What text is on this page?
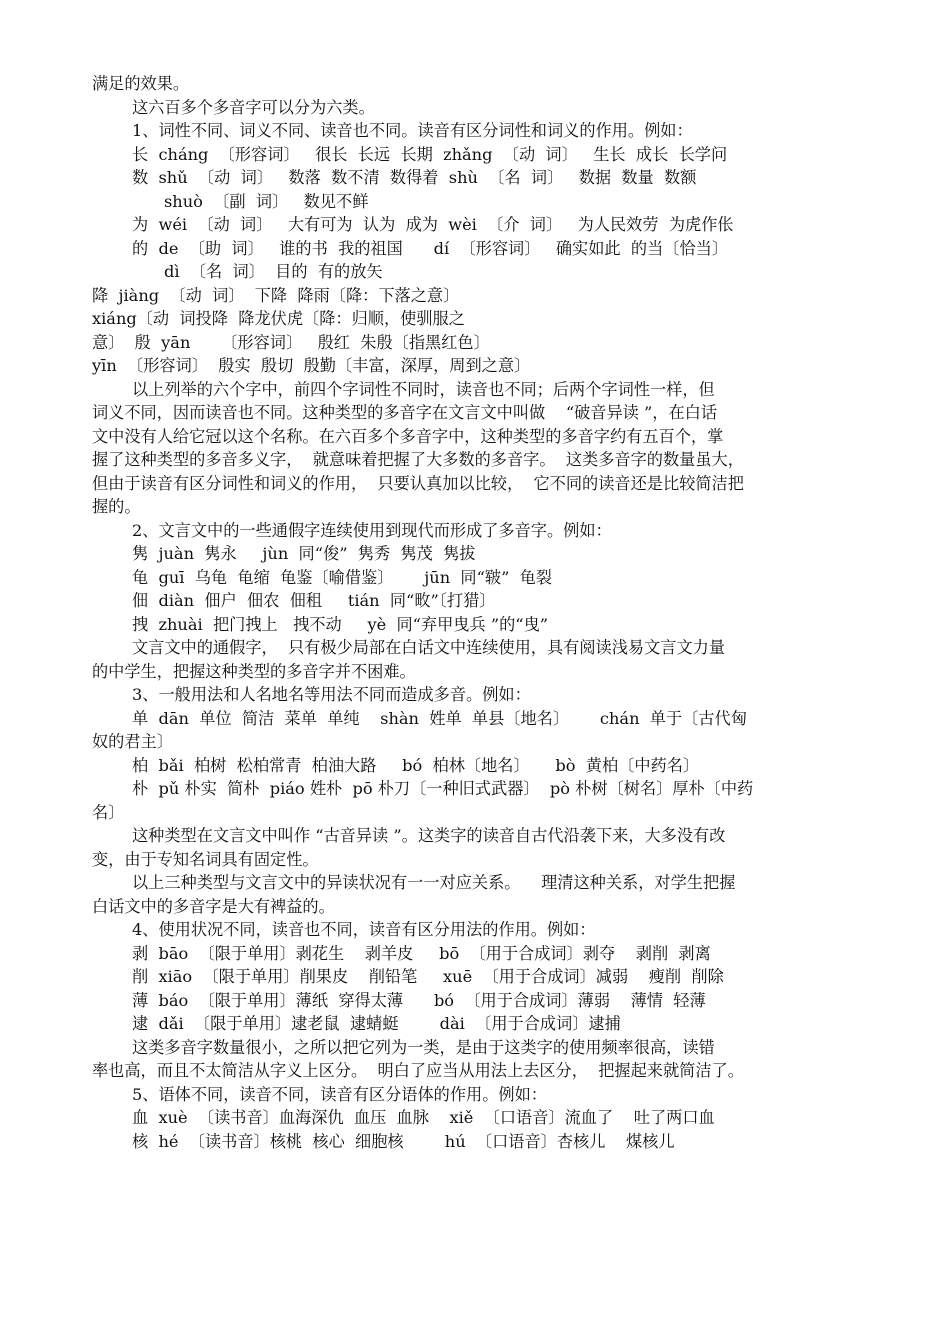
满足的效果。
这六百多个多音字可以分为六类。
1、词性不同、词义不同、读音也不同。读音有区分词性和词义的作用。例如：
长  cháng  〔形容词〕   很长  长远  长期  zhǎng  〔动  词〕   生长  成长  长学问
数  shǔ  〔动  词〕   数落  数不清  数得着  shù  〔名  词〕   数据  数量  数额
shuò  〔副  词〕   数见不鲜
为  wéi  〔动  词〕   大有可为  认为  成为  wèi  〔介  词〕   为人民效劳  为虎作伥
的  de  〔助  词〕   谁的书  我的祖国      dí  〔形容词〕   确实如此  的当〔恰当〕
dì  〔名  词〕  目的  有的放矢
降  jiàng  〔动  词〕  下降  降雨〔降：下落之意〕
xiáng〔动  词投降  降龙伏虎〔降：归顺，使驯服之
意〕  殷  yān      〔形容词〕   殷红  朱殷〔指黑红色〕
yīn  〔形容词〕  殷实  殷切  殷勤〔丰富，深厚，周到之意〕
以上列举的六个字中，前四个字词性不同时，读音也不同；后两个字词性一样，但
词义不同，因而读音也不同。这种类型的多音字在文言文中叫做    “破音异读 ”，在白话
文中没有人给它冠以这个名称。在六百多个多音字中，这种类型的多音字约有五百个，掌
握了这种类型的多音多义字，  就意味着把握了大多数的多音字。  这类多音字的数量虽大，
但由于读音有区分词性和词义的作用，  只要认真加以比较，  它不同的读音还是比较简洁把
握的。
2、文言文中的一些通假字连续使用到现代而形成了多音字。例如：
隽  juàn  隽永     jùn  同“俊”  隽秀  隽茂  隽拔
龟  guī  乌龟  龟缩  龟鉴〔喻借鉴〕      jūn  同“皲”  龟裂
佃  diàn  佃户  佃农  佃租     tián  同“畋”〔打猎〕
拽  zhuài  把门拽上   拽不动     yè  同“弃甲曳兵 ”的“曳”
文言文中的通假字，  只有极少局部在白话文中连续使用，具有阅读浅易文言文力量
的中学生，把握这种类型的多音字并不困难。
3、一般用法和人名地名等用法不同而造成多音。例如：
单  dān  单位  简洁  菜单  单纯    shàn  姓单  单县〔地名〕      chán  单于〔古代匈
奴的君主〕
柏  bǎi  柏树  松柏常青  柏油大路     bó  柏林〔地名〕     bò  黄柏〔中药名〕
朴  pǔ 朴实  简朴  piáo 姓朴  pō 朴刀〔一种旧式武器〕  pò 朴树〔树名〕厚朴〔中药
名〕
这种类型在文言文中叫作 “古音异读 ”。这类字的读音自古代沿袭下来，大多没有改
变，由于专知名词具有固定性。
以上三种类型与文言文中的异读状况有一一对应关系。    理清这种关系，对学生把握
白话文中的多音字是大有裨益的。
4、使用状况不同，读音也不同，读音有区分用法的作用。例如：
剥  bāo  〔限于单用〕剥花生    剥羊皮     bō  〔用于合成词〕剥夺    剥削  剥离
削  xiāo  〔限于单用〕削果皮    削铅笔     xuē  〔用于合成词〕减弱    瘦削  削除
薄  báo  〔限于单用〕薄纸  穿得太薄      bó  〔用于合成词〕薄弱    薄情  轻薄
逮  dǎi  〔限于单用〕逮老鼠  逮蜻蜓        dài  〔用于合成词〕逮捕
这类多音字数量很小，之所以把它列为一类，是由于这类字的使用频率很高，读错
率也高，而且不太简洁从字义上区分。  明白了应当从用法上去区分，  把握起来就简洁了。
5、语体不同，读音不同，读音有区分语体的作用。例如：
血  xuè  〔读书音〕血海深仇  血压  血脉    xiě  〔口语音〕流血了    吐了两口血
核  hé  〔读书音〕核桃  核心  细胞核        hú  〔口语音〕杏核儿    煤核儿
